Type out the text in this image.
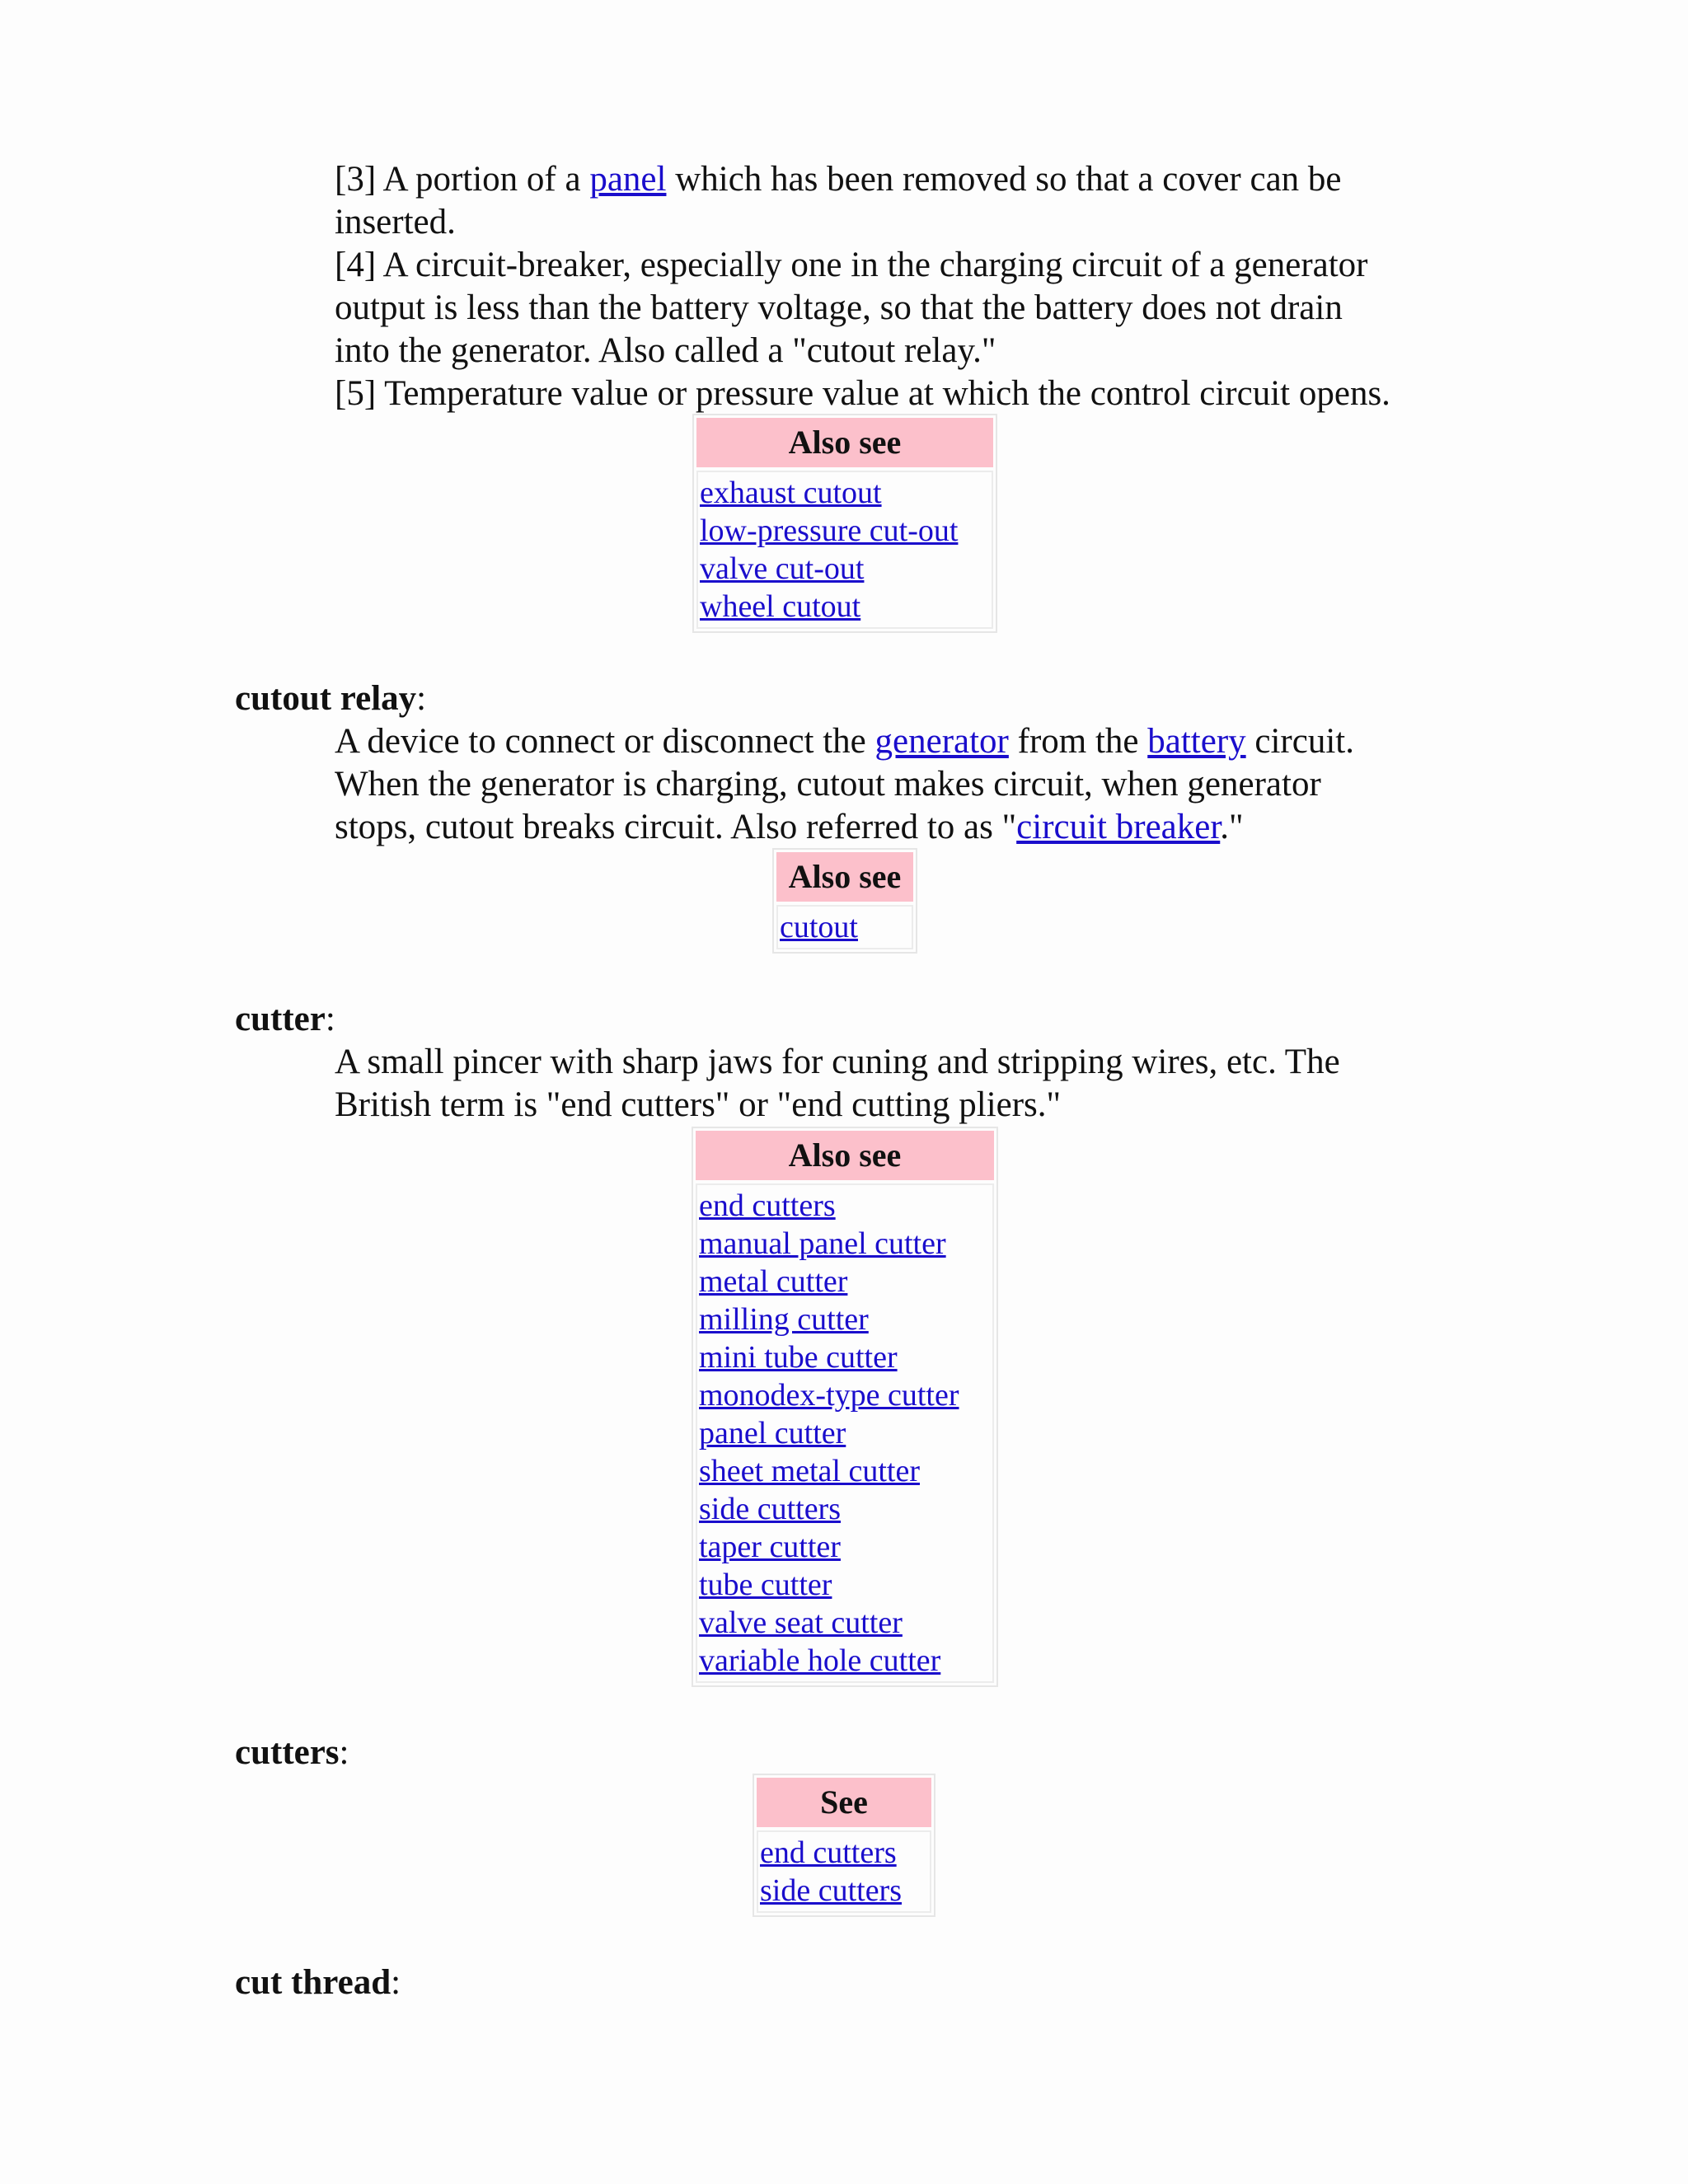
[3] A portion of a panel which has been removed so that a cover can be
inserted.
[4] A circuit-breaker, especially one in the charging circuit of a generator
output is less than the battery voltage, so that the battery does not drain
into the generator. Also called a "cutout relay."
[5] Temperature value or pressure value at which the control circuit opens.
Also see
exhaust cutout
low-pressure cut-out
valve cut-out
wheel cutout
cutout relay:
A device to connect or disconnect the generator from the battery circuit.
When the generator is charging, cutout makes circuit, when generator
stops, cutout breaks circuit. Also referred to as "circuit breaker."
Also see
cutout
cutter:
A small pincer with sharp jaws for cuning and stripping wires, etc. The
British term is "end cutters" or "end cutting pliers."
Also see
end cutters
manual panel cutter
metal cutter
milling cutter
mini tube cutter
monodex-type cutter
panel cutter
sheet metal cutter
side cutters
taper cutter
tube cutter
valve seat cutter
variable hole cutter
cutters:
See
end cutters
side cutters
cut thread:
